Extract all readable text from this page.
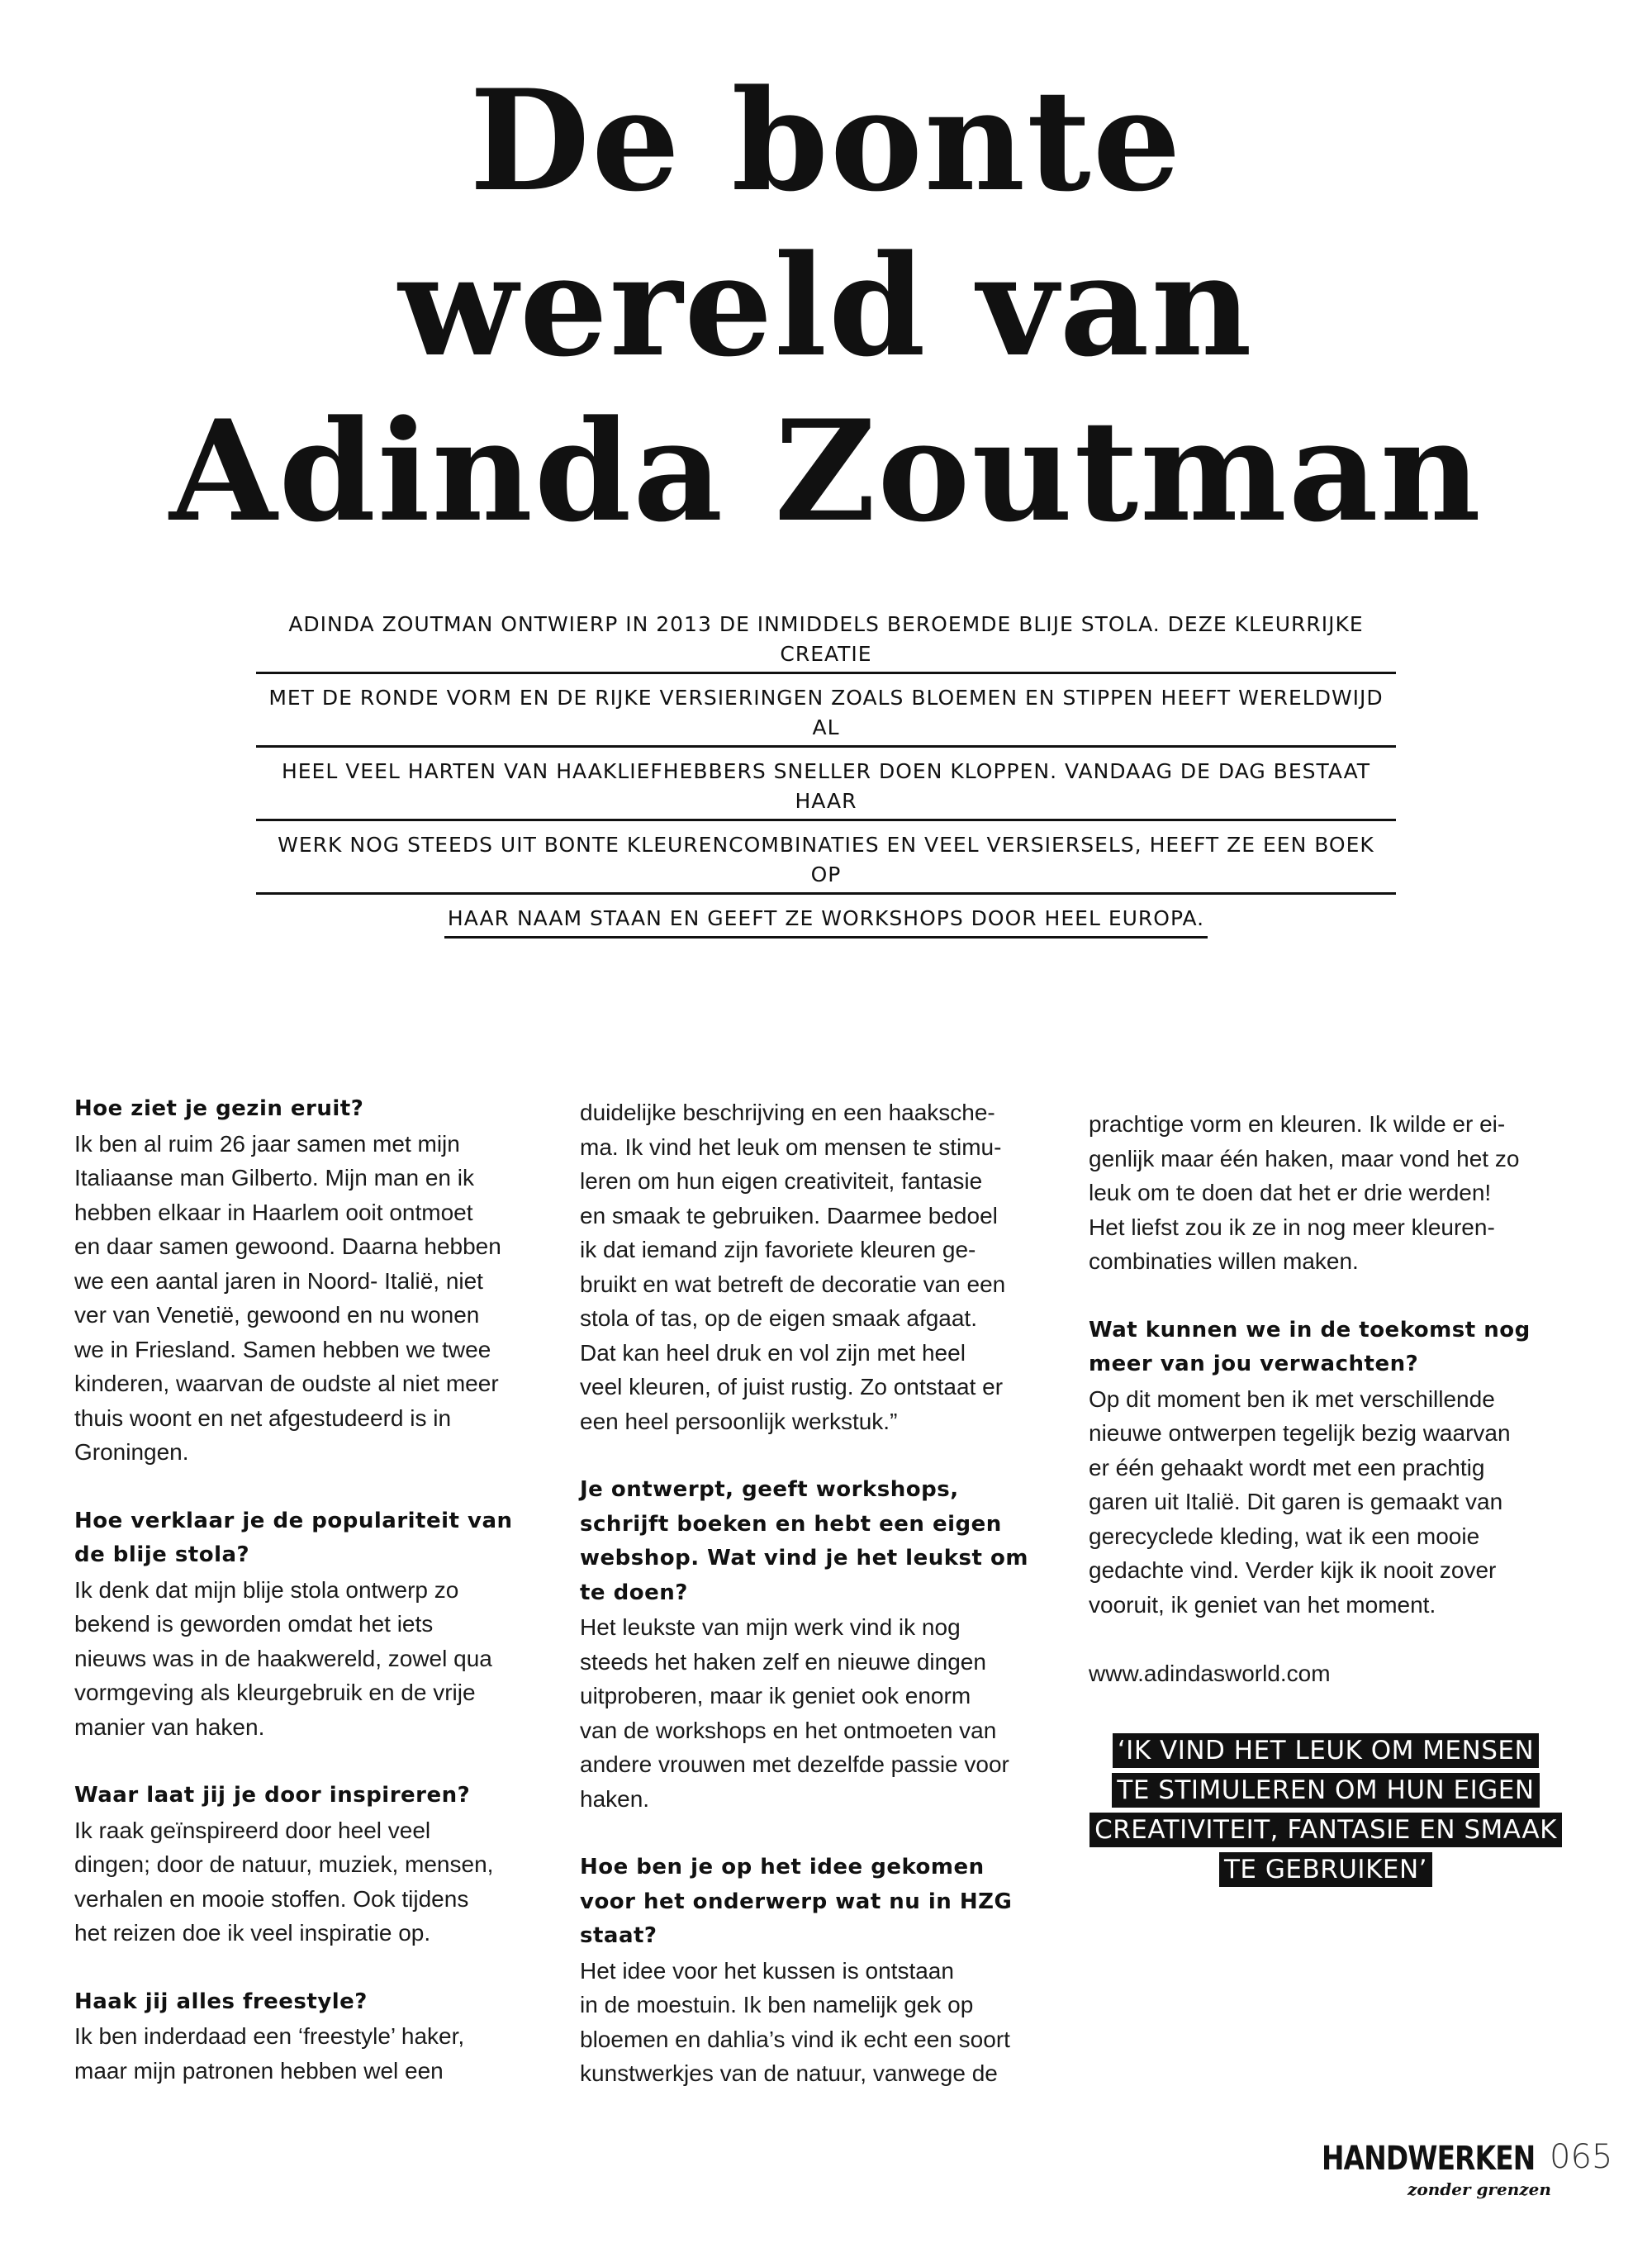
De bonte
wereld van
Adinda Zoutman
ADINDA ZOUTMAN ONTWIERP IN 2013 DE INMIDDELS BEROEMDE BLIJE STOLA. DEZE KLEURRIJKE CREATIE
MET DE RONDE VORM EN DE RIJKE VERSIERINGEN ZOALS BLOEMEN EN STIPPEN HEEFT WERELDWIJD AL
HEEL VEEL HARTEN VAN HAAKLIEFHEBBERS SNELLER DOEN KLOPPEN. VANDAAG DE DAG BESTAAT HAAR
WERK NOG STEEDS UIT BONTE KLEURENCOMBINATIES EN VEEL VERSIERSELS, HEEFT ZE EEN BOEK OP
HAAR NAAM STAAN EN GEEFT ZE WORKSHOPS DOOR HEEL EUROPA.
Hoe ziet je gezin eruit?
Ik ben al ruim 26 jaar samen met mijn
Italiaanse man Gilberto. Mijn man en ik
hebben elkaar in Haarlem ooit ontmoet
en daar samen gewoond. Daarna hebben
we een aantal jaren in Noord- Italië, niet
ver van Venetië, gewoond en nu wonen
we in Friesland. Samen hebben we twee
kinderen, waarvan de oudste al niet meer
thuis woont en net afgestudeerd is in
Groningen.
Hoe verklaar je de populariteit van
de blije stola?
Ik denk dat mijn blije stola ontwerp zo
bekend is geworden omdat het iets
nieuws was in de haakwereld, zowel qua
vormgeving als kleurgebruik en de vrije
manier van haken.
Waar laat jij je door inspireren?
Ik raak geïnspireerd door heel veel
dingen; door de natuur, muziek, mensen,
verhalen en mooie stoffen. Ook tijdens
het reizen doe ik veel inspiratie op.
Haak jij alles freestyle?
Ik ben inderdaad een ‘freestyle’ haker,
maar mijn patronen hebben wel een
duidelijke beschrijving en een haaksche-
ma. Ik vind het leuk om mensen te stimu-
leren om hun eigen creativiteit, fantasie
en smaak te gebruiken. Daarmee bedoel
ik dat iemand zijn favoriete kleuren ge-
bruikt en wat betreft de decoratie van een
stola of tas, op de eigen smaak afgaat.
Dat kan heel druk en vol zijn met heel
veel kleuren, of juist rustig. Zo ontstaat er
een heel persoonlijk werkstuk.”
Je ontwerpt, geeft workshops,
schrijft boeken en hebt een eigen
webshop. Wat vind je het leukst om
te doen?
Het leukste van mijn werk vind ik nog
steeds het haken zelf en nieuwe dingen
uitproberen, maar ik geniet ook enorm
van de workshops en het ontmoeten van
andere vrouwen met dezelfde passie voor
haken.
Hoe ben je op het idee gekomen
voor het onderwerp wat nu in HZG
staat?
Het idee voor het kussen is ontstaan
in de moestuin. Ik ben namelijk gek op
bloemen en dahlia’s vind ik echt een soort
kunstwerkjes van de natuur, vanwege de
prachtige vorm en kleuren. Ik wilde er ei-
genlijk maar één haken, maar vond het zo
leuk om te doen dat het er drie werden!
Het liefst zou ik ze in nog meer kleuren-
combinaties willen maken.
Wat kunnen we in de toekomst nog
meer van jou verwachten?
Op dit moment ben ik met verschillende
nieuwe ontwerpen tegelijk bezig waarvan
er één gehaakt wordt met een prachtig
garen uit Italië. Dit garen is gemaakt van
gerecyclede kleding, wat ik een mooie
gedachte vind. Verder kijk ik nooit zover
vooruit, ik geniet van het moment.
www.adindasworld.com
‘IK VIND HET LEUK OM MENSEN
TE STIMULEREN OM HUN EIGEN
CREATIVITEIT, FANTASIE EN SMAAK
TE GEBRUIKEN’
HANDWERKEN
zonder grenzen
065
